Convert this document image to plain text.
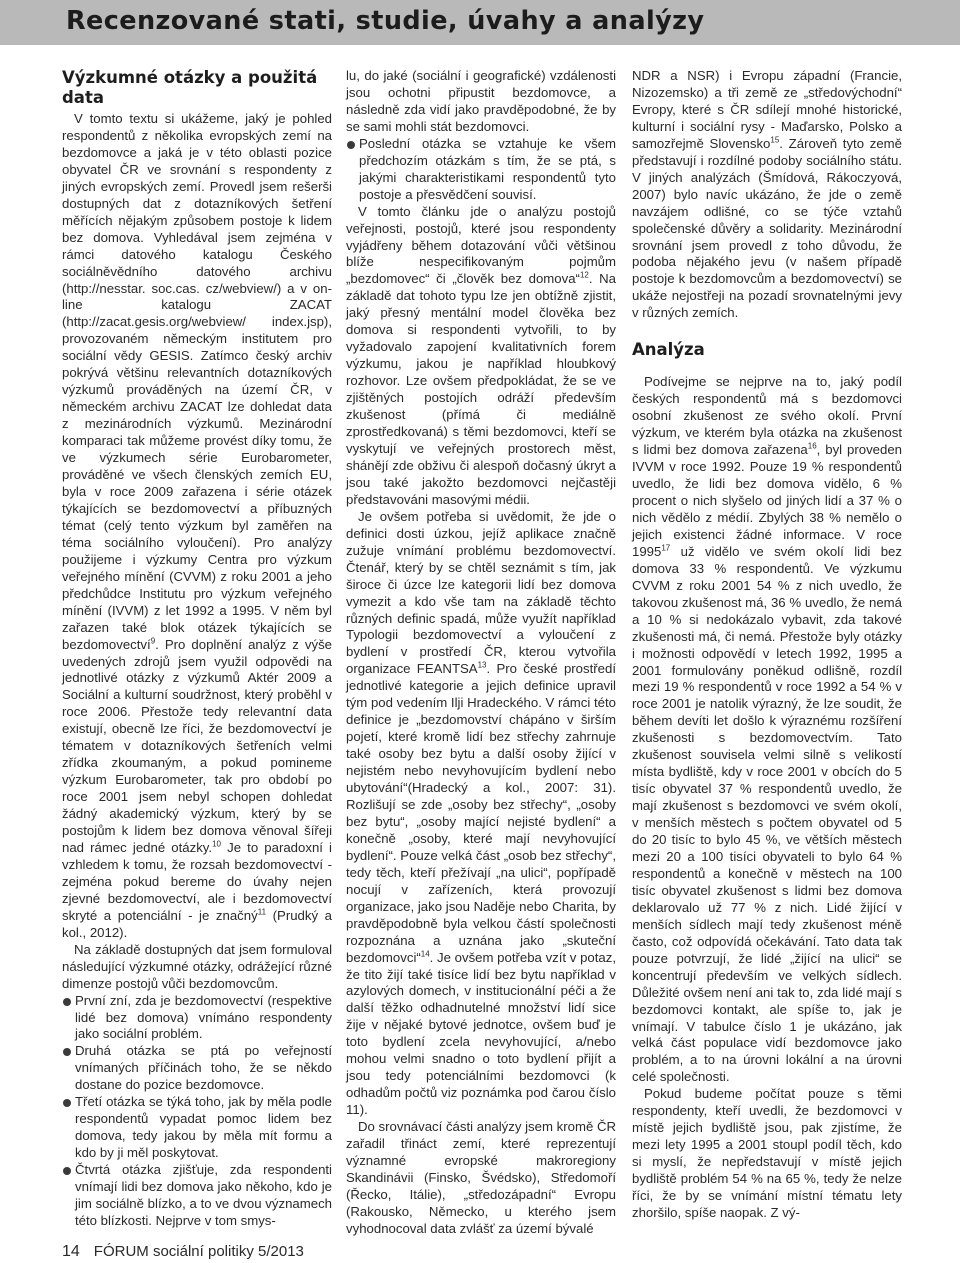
Recenzované stati, studie, úvahy a analýzy
Výzkumné otázky a použitá data

V tomto textu si ukážeme, jaký je pohled respondentů z několika evropských zemí na bezdomovce a jaká je v této oblasti pozice obyvatel ČR ve srovnání s respondenty z jiných evropských zemí. Provedl jsem rešerši dostupných dat z dotazníkových šetření měřících nějakým způsobem postoje k lidem bez domova. Vyhledával jsem zejména v rámci datového katalogu Českého sociálněvědního datového archivu (http://nesstar. soc.cas. cz/webview/) a v on-line katalogu ZACAT (http://zacat.gesis.org/webview/ index.jsp), provozovaném německým institutem pro sociální vědy GESIS. Zatímco český archiv pokrývá většinu relevantních dotazníkových výzkumů prováděných na území ČR, v německém archivu ZACAT lze dohledat data z mezinárodních výzkumů. Mezinárodní komparaci tak můžeme provést díky tomu, že ve výzkumech série Eurobarometer, prováděné ve všech členských zemích EU, byla v roce 2009 zařazena i série otázek týkajících se bezdomovectví a příbuzných témat (celý tento výzkum byl zaměřen na téma sociálního vyloučení). Pro analýzy použijeme i výzkumy Centra pro výzkum veřejného mínění (CVVM) z roku 2001 a jeho předchůdce Institutu pro výzkum veřejného mínění (IVVM) z let 1992 a 1995. V něm byl zařazen také blok otázek týkajících se bezdomovectví$^9$. Pro doplnění analýz z výše uvedených zdrojů jsem využil odpovědi na jednotlivé otázky z výzkumů Aktér 2009 a Sociální a kulturní soudržnost, který proběhl v roce 2006. Přestože tedy relevantní data existují, obecně lze říci, že bezdomovectví je tématem v dotazníkových šetřeních velmi zřídka zkoumaným, a pokud pomineme výzkum Eurobarometer, tak pro období po roce 2001 jsem nebyl schopen dohledat žádný akademický výzkum, který by se postojům k lidem bez domova věnoval šířeji nad rámec jedné otázky.$^{10}$ Je to paradoxní i vzhledem k tomu, že rozsah bezdomovectví - zejména pokud bereme do úvahy nejen zjevné bezdomovectví, ale i bezdomovectví skryté a potenciální - je značný$^{11}$ (Prudký a kol., 2012).

Na základě dostupných dat jsem formuloval následující výzkumné otázky, odrážející různé dimenze postojů vůči bezdomovcům.

První zní, zda je bezdomovectví (respektive lidé bez domova) vnímáno respondenty jako sociální problém.
Druhá otázka se ptá po veřejností vnímaných příčinách toho, že se někdo dostane do pozice bezdomovce.
Třetí otázka se týká toho, jak by měla podle respondentů vypadat pomoc lidem bez domova, tedy jakou by měla mít formu a kdo by ji měl poskytovat.
Čtvrtá otázka zjišťuje, zda respondenti vnímají lidi bez domova jako někoho, kdo je jim sociálně blízko, a to ve dvou významech této blízkosti. Nejprve v tom smys-

lu, do jaké (sociální i geografické) vzdálenosti jsou ochotni připustit bezdomovce, a následně zda vidí jako pravděpodobné, že by se sami mohli stát bezdomovci.

Poslední otázka se vztahuje ke všem předchozím otázkám s tím, že se ptá, s jakými charakteristikami respondentů tyto postoje a přesvědčení souvisí.

V tomto článku jde o analýzu postojů veřejnosti, postojů, které jsou respondenty vyjádřeny během dotazování vůči většinou blíže nespecifikovaným pojmům „bezdomovec“ či „člověk bez domova“$^{12}$. Na základě dat tohoto typu lze jen obtížně zjistit, jaký přesný mentální model člověka bez domova si respondenti vytvořili, to by vyžadovalo zapojení kvalitativních forem výzkumu, jakou je například hloubkový rozhovor. Lze ovšem předpokládat, že se ve zjištěných postojích odráží především zkušenost (přímá či mediálně zprostředkovaná) s těmi bezdomovci, kteří se vyskytují ve veřejných prostorech měst, shánějí zde obživu či alespoň dočasný úkryt a jsou také jakožto bezdomovci nejčastěji představováni masovými médii.

Je ovšem potřeba si uvědomit, že jde o definici dosti úzkou, jejíž aplikace značně zužuje vnímání problému bezdomovectví. Čtenář, který by se chtěl seznámit s tím, jak široce či úzce lze kategorii lidí bez domova vymezit a kdo vše tam na základě těchto různých definic spadá, může využít například Typologii bezdomovectví a vyloučení z bydlení v prostředí ČR, kterou vytvořila organizace FEANTSA$^{13}$. Pro české prostředí jednotlivé kategorie a jejich definice upravil tým pod vedením Ilji Hradeckého. V rámci této definice je „bezdomovství chápáno v širším pojetí, které kromě lidí bez střechy zahrnuje také osoby bez bytu a další osoby žijící v nejistém nebo nevyhovujícím bydlení nebo ubytování“(Hradecký a kol., 2007: 31). Rozlišují se zde „osoby bez střechy“, „osoby bez bytu“, „osoby mající nejisté bydlení“ a konečně „osoby, které mají nevyhovující bydlení“. Pouze velká část „osob bez střechy“, tedy těch, kteří přežívají „na ulici“, popřípadě nocují v zařízeních, která provozují organizace, jako jsou Naděje nebo Charita, by pravděpodobně byla velkou částí společnosti rozpoznána a uznána jako „skuteční bezdomovci“$^{14}$. Je ovšem potřeba vzít v potaz, že tito žijí také tisíce lidí bez bytu například v azylových domech, v institucionální péči a že další těžko odhadnutelné množství lidí sice žije v nějaké bytové jednotce, ovšem buď je toto bydlení zcela nevyhovující, a/nebo mohou velmi snadno o toto bydlení přijít a jsou tedy potenciálními bezdomovci (k odhadům počtů viz poznámka pod čarou číslo 11).

Do srovnávací části analýzy jsem kromě ČR zařadil třináct zemí, které reprezentují významné evropské makroregiony Skandinávii (Finsko, Švédsko), Středomoří (Řecko, Itálie), „středozápadní“ Evropu (Rakousko, Německo, u kterého jsem vyhodnocoval data zvlášť za území bývalé

NDR a NSR) i Evropu západní (Francie, Nizozemsko) a tři země ze „středovýchodní“ Evropy, které s ČR sdílejí mnohé historické, kulturní i sociální rysy - Maďarsko, Polsko a samozřejmě Slovensko$^{15}$. Zároveň tyto země představují i rozdílné podoby sociálního státu. V jiných analýzách (Šmídová, Rákoczyová, 2007) bylo navíc ukázáno, že jde o země navzájem odlišné, co se týče vztahů společenské důvěry a solidarity. Mezinárodní srovnání jsem provedl z toho důvodu, že podoba nějakého jevu (v našem případě postoje k bezdomovcům a bezdomovectví) se ukáže nejostřeji na pozadí srovnatelnými jevy v různých zemích.

Analýza

Podívejme se nejprve na to, jaký podíl českých respondentů má s bezdomovci osobní zkušenost ze svého okolí. První výzkum, ve kterém byla otázka na zkušenost s lidmi bez domova zařazena$^{16}$, byl proveden IVVM v roce 1992. Pouze 19 % respondentů uvedlo, že lidi bez domova vidělo, 6 % procent o nich slyšelo od jiných lidí a 37 % o nich vědělo z médií. Zbylých 38 % nemělo o jejich existenci žádné informace. V roce 1995$^{17}$ už vidělo ve svém okolí lidi bez domova 33 % respondentů. Ve výzkumu CVVM z roku 2001 54 % z nich uvedlo, že takovou zkušenost má, 36 % uvedlo, že nemá a 10 % si nedokázalo vybavit, zda takové zkušenosti má, či nemá. Přestože byly otázky i možnosti odpovědí v letech 1992, 1995 a 2001 formulovány poněkud odlišně, rozdíl mezi 19 % respondentů v roce 1992 a 54 % v roce 2001 je natolik výrazný, že lze soudit, že během devíti let došlo k výraznému rozšíření zkušenosti s bezdomovectvím. Tato zkušenost souvisela velmi silně s velikostí místa bydliště, kdy v roce 2001 v obcích do 5 tisíc obyvatel 37 % respondentů uvedlo, že mají zkušenost s bezdomovci ve svém okolí, v menších městech s počtem obyvatel od 5 do 20 tisíc to bylo 45 %, ve větších městech mezi 20 a 100 tisíci obyvateli to bylo 64 % respondentů a konečně v městech na 100 tisíc obyvatel zkušenost s lidmi bez domova deklarovalo už 77 % z nich. Lidé žijící v menších sídlech mají tedy zkušenost méně často, což odpovídá očekávání. Tato data tak pouze potvrzují, že lidé „žijící na ulici“ se koncentrují především ve velkých sídlech. Důležité ovšem není ani tak to, zda lidé mají s bezdomovci kontakt, ale spíše to, jak je vnímají. V tabulce číslo 1 je ukázáno, jak velká část populace vidí bezdomovce jako problém, a to na úrovni lokální a na úrovni celé společnosti.

Pokud budeme počítat pouze s těmi respondenty, kteří uvedli, že bezdomovci v místě jejich bydliště jsou, pak zjistíme, že mezi lety 1995 a 2001 stoupl podíl těch, kdo si myslí, že nepředstavují v místě jejich bydliště problém 54 % na 65 %, tedy že nelze říci, že by se vnímání místní tématu lety zhoršilo, spíše naopak. Z vý-

14 FÓRUM sociální politiky 5/2013
